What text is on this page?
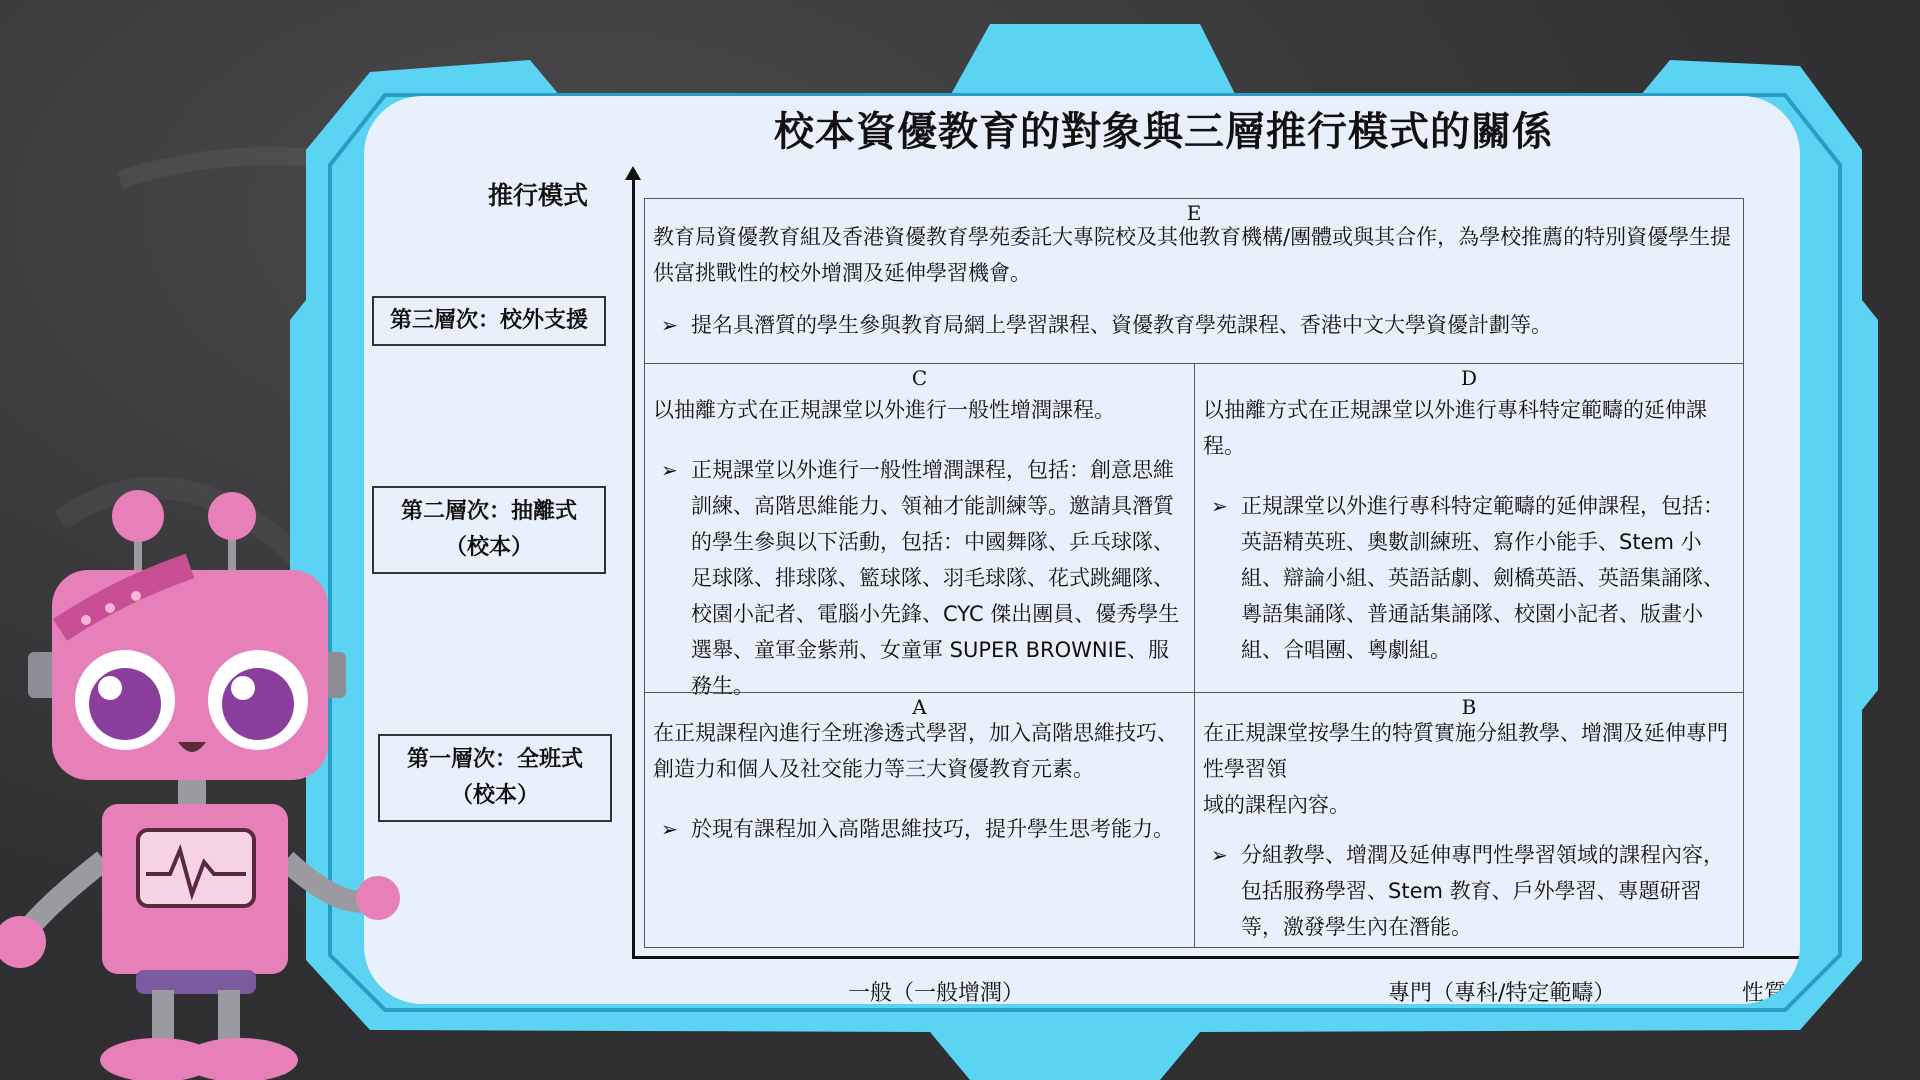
校本資優教育的對象與三層推行模式的關係
推行模式
第三層次：校外支援
第二層次：抽離式
（校本）
第一層次：全班式
（校本）
E
教育局資優教育組及香港資優教育學苑委託大專院校及其他教育機構/團體或與其合作，為學校推薦的特別資優學生提供富挑戰性的校外增潤及延伸學習機會。
➢ 提名具潛質的學生參與教育局網上學習課程、資優教育學苑課程、香港中文大學資優計劃等。
C
以抽離方式在正規課堂以外進行一般性增潤課程。
➢ 正規課堂以外進行一般性增潤課程，包括：創意思維訓練、高階思維能力、領袖才能訓練等。邀請具潛質的學生參與以下活動，包括：中國舞隊、乒乓球隊、足球隊、排球隊、籃球隊、羽毛球隊、花式跳繩隊、校園小記者、電腦小先鋒、CYC 傑出團員、優秀學生選舉、童軍金紫荊、女童軍 SUPER BROWNIE、服務生。
D
以抽離方式在正規課堂以外進行專科特定範疇的延伸課程。
➢ 正規課堂以外進行專科特定範疇的延伸課程，包括：英語精英班、奧數訓練班、寫作小能手、Stem 小組、辯論小組、英語話劇、劍橋英語、英語集誦隊、粵語集誦隊、普通話集誦隊、校園小記者、版畫小組、合唱團、粵劇組。
A
在正規課程內進行全班滲透式學習，加入高階思維技巧、創造力和個人及社交能力等三大資優教育元素。
➢ 於現有課程加入高階思維技巧，提升學生思考能力。
B
在正規課堂按學生的特質實施分組教學、增潤及延伸專門性學習領
域的課程內容。
➢ 分組教學、增潤及延伸專門性學習領域的課程內容，包括服務學習、Stem 教育、戶外學習、專題研習等，激發學生內在潛能。
一般（一般增潤）	專門（專科/特定範疇）	性質
